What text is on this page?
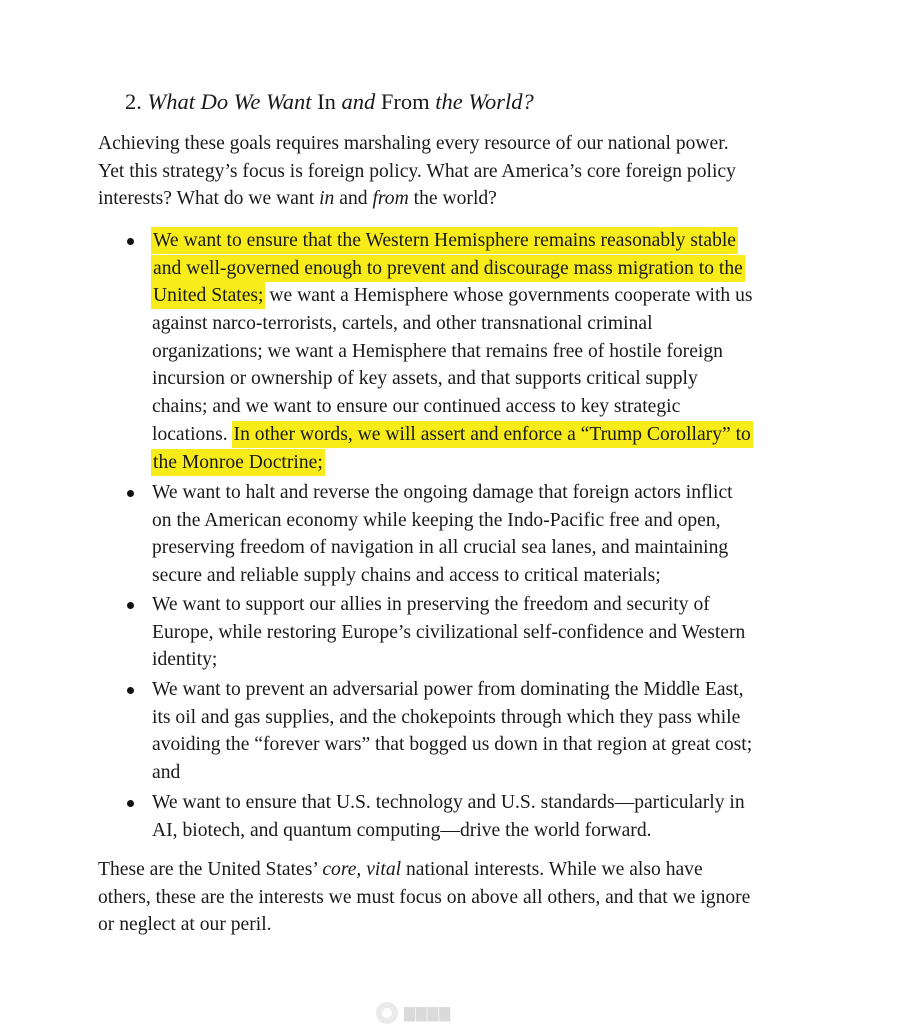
2. What Do We Want In and From the World?
Achieving these goals requires marshaling every resource of our national power.
Yet this strategy’s focus is foreign policy. What are America’s core foreign policy
interests? What do we want in and from the world?
We want to ensure that the Western Hemisphere remains reasonably stable
and well-governed enough to prevent and discourage mass migration to the
United States; we want a Hemisphere whose governments cooperate with us
against narco-terrorists, cartels, and other transnational criminal
organizations; we want a Hemisphere that remains free of hostile foreign
incursion or ownership of key assets, and that supports critical supply
chains; and we want to ensure our continued access to key strategic
locations. In other words, we will assert and enforce a “Trump Corollary” to
the Monroe Doctrine;
We want to halt and reverse the ongoing damage that foreign actors inflict
on the American economy while keeping the Indo-Pacific free and open,
preserving freedom of navigation in all crucial sea lanes, and maintaining
secure and reliable supply chains and access to critical materials;
We want to support our allies in preserving the freedom and security of
Europe, while restoring Europe’s civilizational self-confidence and Western
identity;
We want to prevent an adversarial power from dominating the Middle East,
its oil and gas supplies, and the chokepoints through which they pass while
avoiding the “forever wars” that bogged us down in that region at great cost;
and
We want to ensure that U.S. technology and U.S. standards—particularly in
AI, biotech, and quantum computing—drive the world forward.
These are the United States’ core, vital national interests. While we also have
others, these are the interests we must focus on above all others, and that we ignore
or neglect at our peril.
▇▇▇▇
